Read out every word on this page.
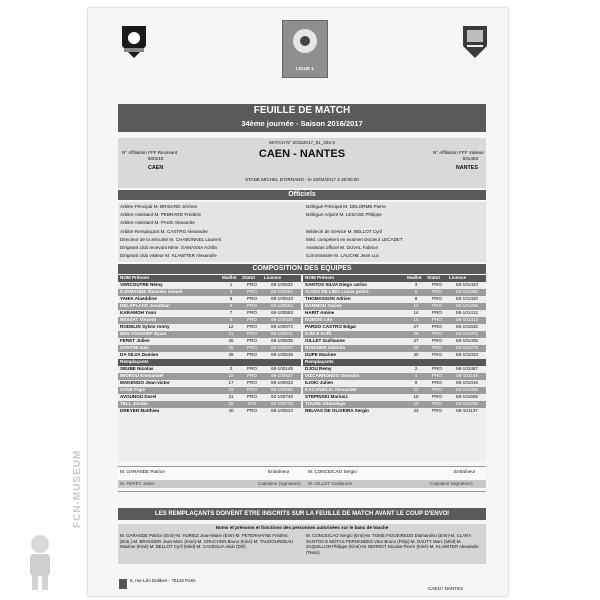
FCN-MUSEUM
LIGUE 1
FEUILLE DE MATCH
34ème journée - Saison 2016/2017
MATCH N° 20162017_01_334-2
CAEN - NANTES
N° Affiliation FFF Recevant
500210
CAEN
N° Affiliation FFF Visiteur
501404
NANTES
STADE MICHEL D'ORNANO - le 22/04/2017 à 20:00:00
Officiels
Arbitre Principal M. BRISARD Jérôme
Arbitre Assistant M. PEBRARD Frédéric
Arbitre Assistant M. PAGE Alexandre
Arbitre Remplaçant M. CASTRO Alexandre
Directeur de la Sécurité M. CHABONNEL Laurent
Dirigeant club recevant Mme. SAMASSA Achifa
Dirigeant club visiteur M. KLAWITER Alexandre
Délégué Principal M. DELORME Pierre
Délégué Adjoint M. LESAGE Philippe
Médecin de Service M. BELLOT Cyril
Méd. compétent en examen Docteur LECADET
Assistant officiel M. DUVAL Fabrice
Commissaire M. LAUCHE Jean Luc
COMPOSITION DES EQUIPES
NOM Prénom	Maillot	Statut	Licence
VERCOUTRE Rémy	1	PRO	68-100532
DJOMANDE Ifiamoko ismael	3	PRO	68-100564
YAHIA Alaeddine	5	PRO	68-100543
DELAPLACE Jonathan	6	PRO	68-100554
KARAMOH Yann	7	PRO	68-100563
BESSAT Vincent	8	PRO	68-100545
RODELIN Sylvio ronny	12	PRO	68-100573
BEN YOUSSEF Syam	11	PRO	68-100571
FERET Julien	25	PRO	68-100535
SANTINI Ivan	26	PRO	68-100547
DA SILVA Damien	28	PRO	68-100538
Remplaçants
SEUBE Nicolas	2	PRO	68-100149
IMOROU Emmanuel	15	PRO	68-100537
MAKENGO Jean-victor	17	PRO	68-100633
SANE Pape	22	PRO	68-100565
AVOUNOU Durel	31	PRO	92-100749
TELL Jordan	32	STA	92-100733
DREYER Matthieu	40	PRO	68-100524
NOM Prénom	Maillot	Statut	Licence
SANTOS SILVA Diego carlos	3	PRO	58-101443
ALVES DE LIMA Lucas pedro	5	PRO	58-101466
THOMASSON Adrien	8	PRO	58-101320
BAMMOU Yacine	10	PRO	58-101256
HARIT Amine	14	PRO	58-101412
DUBOIS Léo	15	PRO	58-101313
PARDO CASTRO Edgar	27	PRO	58-101532
DJIDJI Koffi	26	PRO	58-101071
GILLET Guillaume	27	PRO	58-101405
RONGIER Valentin	28	PRO	58-101279
DUPE Maxime	30	PRO	58-101023
Remplaçants
DJOU Remy	2	PRO	58-101487
VIZCARRONDO Oswaldo	4	PRO	58-101149
ILIOKI Julien	9	PRO	58-101019
KACANIKLIC Alexander	11	PRO	58-101459
STEPINSKI Mariusz	16	PRO	58-101506
TOURE Abdoulaye	19	PRO	58-101228
RELVAS DE OLIVEIRA Sergio	23	PRO	58-101137
M. GARANDE Patrice	Entraîneur	M. CONCEICAO Sergio	Entraîneur
M. FERET Julien	Capitaine (signature) M. GILLET Guillaume	Capitaine (signature)
LES REMPLAÇANTS DOIVENT ETRE INSCRITS SUR LA FEUILLE DE MATCH AVANT LE COUP D'ENVOI
Noms et prénoms et fonctions des personnes autorisées sur le banc de touche
M. GARANDE Patrice (Entr)-M. HURIEZ Jean-Marie (Entr)-M. PETERHAYNE Frédéric (Entr.)-M. BRANGER Jean-Marc (Kiné)-M. GRUCHON Bruno (Kiné)-M. TAUDOURDEAU Maxime (Kiné)-M. BELLOT Cyril (Méd)-M. CAVEGLIA Alain (Dirl)
M. CONCEICAO Sergio (Entr)-M. TOME FIGUEIREDO Diamantino (Entr)-M. CLARA SANTOS E MOTAS FERNANDES Vitor Bruno (Prép)-M. DAUTY Marc (Méd)-M. ZAQUILLON Philippe (Kiné)-M. BERNOT Nicolas-Pierre (Kiné)-M. KLAWITER Alexandre (Team)
6, rue Léo Delibes - 75116 Paris
CAEN / NANTES
